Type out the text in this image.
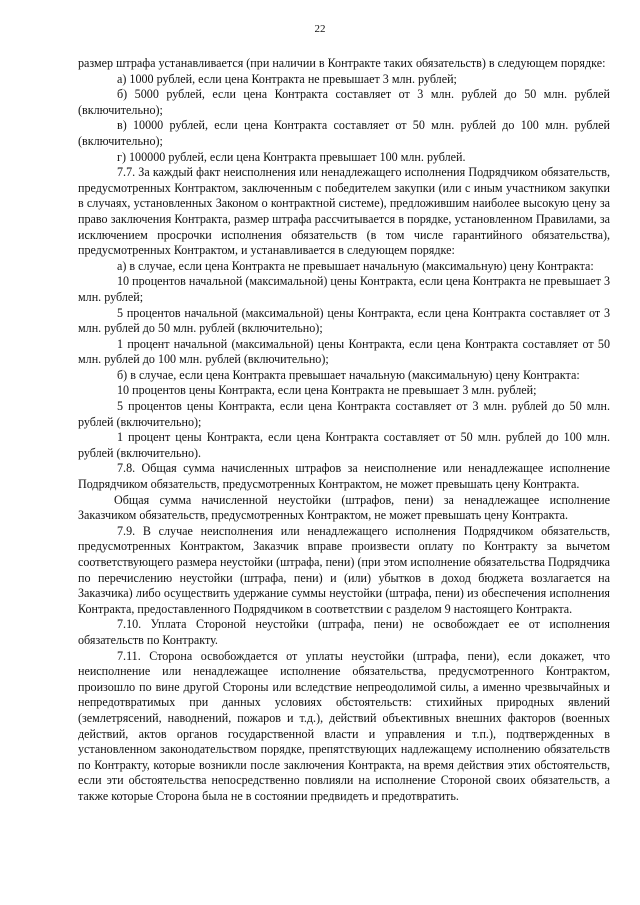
22

размер штрафа устанавливается (при наличии в Контракте таких обязательств) в следующем порядке:

а) 1000 рублей, если цена Контракта не превышает 3 млн. рублей;

б) 5000 рублей, если цена Контракта составляет от 3 млн. рублей до 50 млн. рублей (включительно);

в) 10000 рублей, если цена Контракта составляет от 50 млн. рублей до 100 млн. рублей (включительно);

г) 100000 рублей, если цена Контракта превышает 100 млн. рублей.

7.7. За каждый факт неисполнения или ненадлежащего исполнения Подрядчиком обязательств, предусмотренных Контрактом, заключенным с победителем закупки (или с иным участником закупки в случаях, установленных Законом о контрактной системе), предложившим наиболее высокую цену за право заключения Контракта, размер штрафа рассчитывается в порядке, установленном Правилами, за исключением просрочки исполнения обязательств (в том числе гарантийного обязательства), предусмотренных Контрактом, и устанавливается в следующем порядке:

а) в случае, если цена Контракта не превышает начальную (максимальную) цену Контракта:

10 процентов начальной (максимальной) цены Контракта, если цена Контракта не превышает 3 млн. рублей;

5 процентов начальной (максимальной) цены Контракта, если цена Контракта составляет от 3 млн. рублей до 50 млн. рублей (включительно);

1 процент начальной (максимальной) цены Контракта, если цена Контракта составляет от 50 млн. рублей до 100 млн. рублей (включительно);

б) в случае, если цена Контракта превышает начальную (максимальную) цену Контракта:

10 процентов цены Контракта, если цена Контракта не превышает 3 млн. рублей;

5 процентов цены Контракта, если цена Контракта составляет от 3 млн. рублей до 50 млн. рублей (включительно);

1 процент цены Контракта, если цена Контракта составляет от 50 млн. рублей до 100 млн. рублей (включительно).

7.8. Общая сумма начисленных штрафов за неисполнение или ненадлежащее исполнение Подрядчиком обязательств, предусмотренных Контрактом, не может превышать цену Контракта.

Общая сумма начисленной неустойки (штрафов, пени) за ненадлежащее исполнение Заказчиком обязательств, предусмотренных Контрактом, не может превышать цену Контракта.

7.9. В случае неисполнения или ненадлежащего исполнения Подрядчиком обязательств, предусмотренных Контрактом, Заказчик вправе произвести оплату по Контракту за вычетом соответствующего размера неустойки (штрафа, пени) (при этом исполнение обязательства Подрядчика по перечислению неустойки (штрафа, пени) и (или) убытков в доход бюджета возлагается на Заказчика) либо осуществить удержание суммы неустойки (штрафа, пени) из обеспечения исполнения Контракта, предоставленного Подрядчиком в соответствии с разделом 9 настоящего Контракта.

7.10. Уплата Стороной неустойки (штрафа, пени) не освобождает ее от исполнения обязательств по Контракту.

7.11. Сторона освобождается от уплаты неустойки (штрафа, пени), если докажет, что неисполнение или ненадлежащее исполнение обязательства, предусмотренного Контрактом, произошло по вине другой Стороны или вследствие непреодолимой силы, а именно чрезвычайных и непредотвратимых при данных условиях обстоятельств: стихийных природных явлений (землетрясений, наводнений, пожаров и т.д.), действий объективных внешних факторов (военных действий, актов органов государственной власти и управления и т.п.), подтвержденных в установленном законодательством порядке, препятствующих надлежащему исполнению обязательств по Контракту, которые возникли после заключения Контракта, на время действия этих обстоятельств, если эти обстоятельства непосредственно повлияли на исполнение Стороной своих обязательств, а также которые Сторона была не в состоянии предвидеть и предотвратить.
